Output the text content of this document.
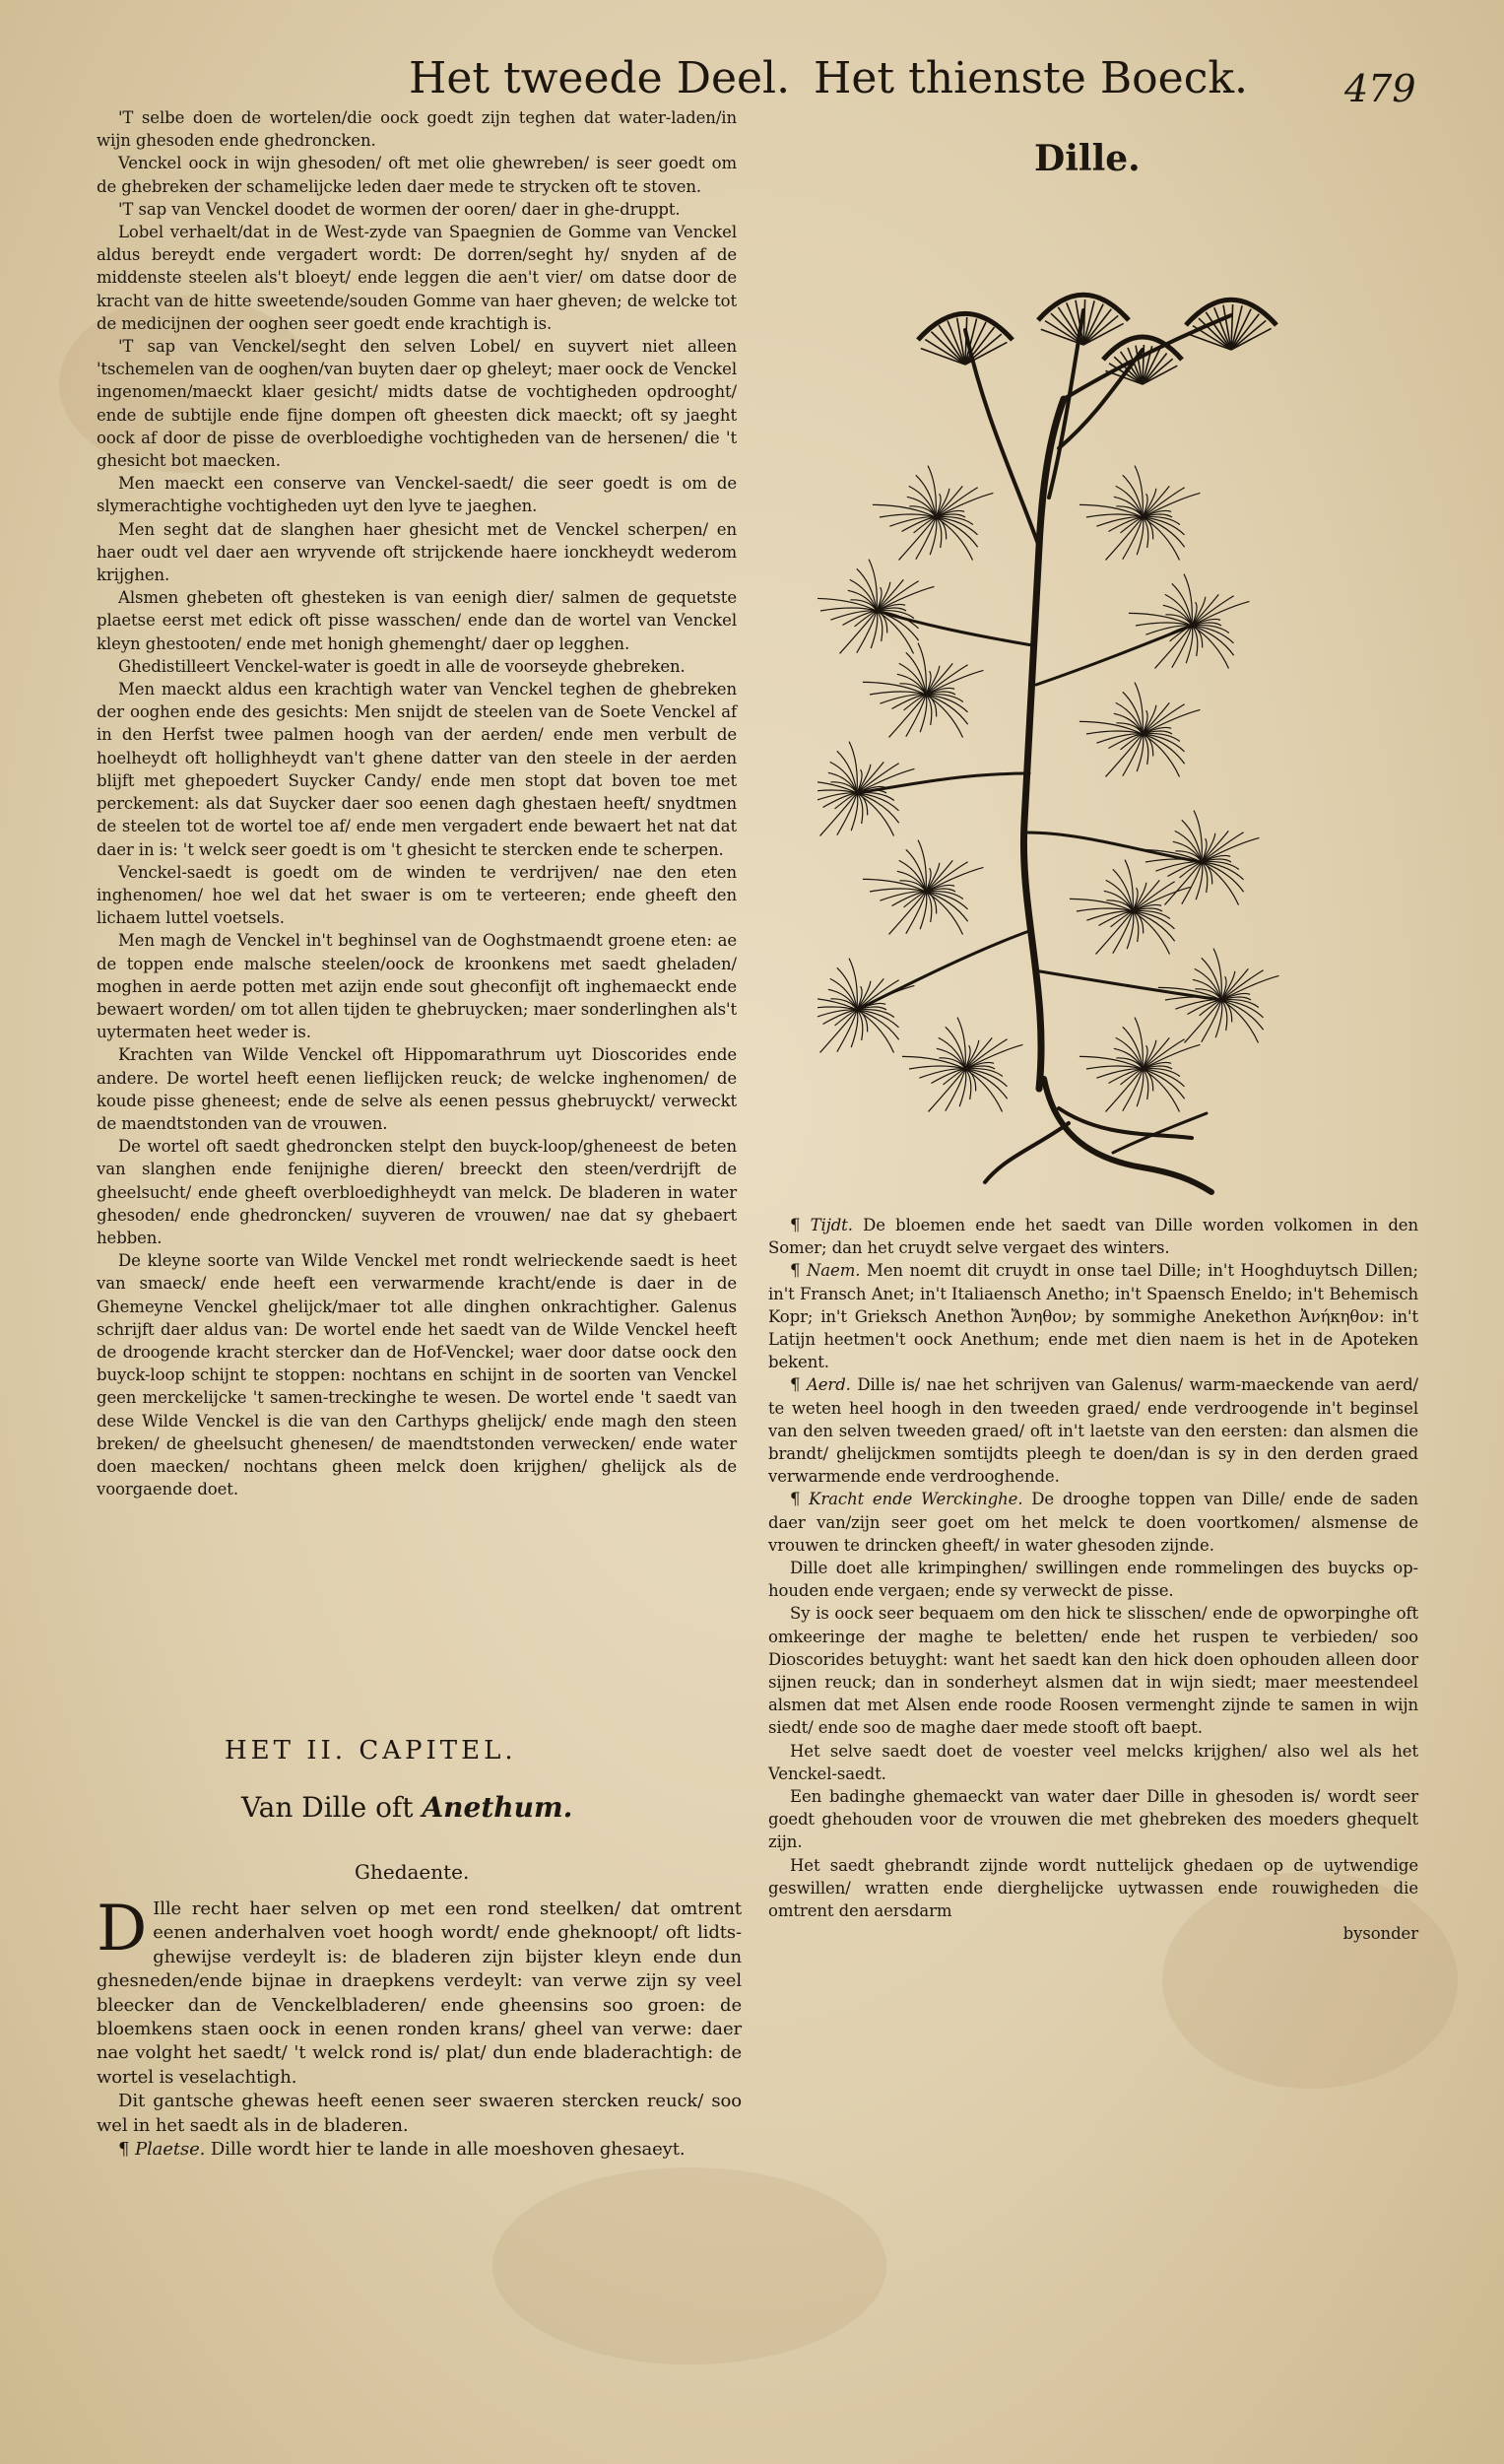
Het tweede Deel. Het thienste Boeck.	479

'T selbe doen de wortelen/die oock goedt zijn teghen dat water-laden/in wijn ghesoden ende ghedroncken.

Venckel oock in wijn ghesoden/ oft met olie ghewreben/ is seer goedt om de ghebreken der schamelijcke leden daer mede te strycken oft te stoven.

'T sap van Venckel doodet de wormen der ooren/ daer in ghe-druppt.

Lobel verhaelt/dat in de West-zyde van Spaegnien de Gomme van Venckel aldus bereydt ende vergadert wordt: De dorren/seght hy/ snyden af de middenste steelen als't bloeyt/ ende leggen die aen't vier/ om datse door de kracht van de hitte sweetende/souden Gomme van haer gheven; de welcke tot de medicijnen der ooghen seer goedt ende krachtigh is.

'T sap van Venckel/seght den selven Lobel/ en suyvert niet alleen 'tschemelen van de ooghen/van buyten daer op gheleyt; maer oock de Venckel ingenomen/maeckt klaer gesicht/ midts datse de vochtigheden opdrooght/ ende de subtijle ende fijne dompen oft gheesten dick maeckt; oft sy jaeght oock af door de pisse de overbloedighe vochtigheden van de hersenen/ die 't ghesicht bot maecken.

Men maeckt een conserve van Venckel-saedt/ die seer goedt is om de slymerachtighe vochtigheden uyt den lyve te jaeghen.

Men seght dat de slanghen haer ghesicht met de Venckel scherpen/ en haer oudt vel daer aen wryvende oft strijckende haere ionckheydt wederom krijghen.

Alsmen ghebeten oft ghesteken is van eenigh dier/ salmen de gequetste plaetse eerst met edick oft pisse wasschen/ ende dan de wortel van Venckel kleyn ghestooten/ ende met honigh ghemenght/ daer op legghen.

Ghedistilleert Venckel-water is goedt in alle de voorseyde ghebreken.

Men maeckt aldus een krachtigh water van Venckel teghen de ghebreken der ooghen ende des gesichts: Men snijdt de steelen van de Soete Venckel af in den Herfst twee palmen hoogh van der aerden/ ende men verbult de hoelheydt oft hollighheydt van't ghene datter van den steele in der aerden blijft met ghepoedert Suycker Candy/ ende men stopt dat boven toe met perckement: als dat Suycker daer soo eenen dagh ghestaen heeft/ snydtmen de steelen tot de wortel toe af/ ende men vergadert ende bewaert het nat dat daer in is: 't welck seer goedt is om 't ghesicht te stercken ende te scherpen.

Venckel-saedt is goedt om de winden te verdrijven/ nae den eten inghenomen/ hoe wel dat het swaer is om te verteeren; ende gheeft den lichaem luttel voetsels.

Men magh de Venckel in't beghinsel van de Ooghstmaendt groene eten: ae de toppen ende malsche steelen/oock de kroonkens met saedt gheladen/ moghen in aerde potten met azijn ende sout gheconfijt oft inghemaeckt ende bewaert worden/ om tot allen tijden te ghebruycken; maer sonderlinghen als't uytermaten heet weder is.

Krachten van Wilde Venckel oft Hippomarathrum uyt Dioscorides ende andere. De wortel heeft eenen lieflijcken reuck; de welcke inghenomen/ de koude pisse gheneest; ende de selve als eenen pessus ghebruyckt/ verweckt de maendtstonden van de vrouwen.

De wortel oft saedt ghedroncken stelpt den buyck-loop/gheneest de beten van slanghen ende fenijnighe dieren/ breeckt den steen/verdrijft de gheelsucht/ ende gheeft overbloedighheydt van melck. De bladeren in water ghesoden/ ende ghedroncken/ suyveren de vrouwen/ nae dat sy ghebaert hebben.

De kleyne soorte van Wilde Venckel met rondt welrieckende saedt is heet van smaeck/ ende heeft een verwarmende kracht/ende is daer in de Ghemeyne Venckel ghelijck/maer tot alle dinghen onkrachtigher. Galenus schrijft daer aldus van: De wortel ende het saedt van de Wilde Venckel heeft de droogende kracht stercker dan de Hof-Venckel; waer door datse oock den buyck-loop schijnt te stoppen: nochtans en schijnt in de soorten van Venckel geen merckelijcke 't samen-treckinghe te wesen. De wortel ende 't saedt van dese Wilde Venckel is die van den Carthyps ghelijck/ ende magh den steen breken/ de gheelsucht ghenesen/ de maendtstonden verwecken/ ende water doen maecken/ nochtans gheen melck doen krijghen/ ghelijck als de voorgaende doet.

Dille.

¶ Tijdt. De bloemen ende het saedt van Dille worden volkomen in den Somer; dan het cruydt selve vergaet des winters.

¶ Naem. Men noemt dit cruydt in onse tael Dille; in't Hooghduytsch Dillen; in't Fransch Anet; in't Italiaensch Anetho; in't Spaensch Eneldo; in't Behemisch Kopr; in't Grieksch Anethon Ἄνηθον; by sommighe Anekethon Ἀνήκηθον: in't Latijn heetmen't oock Anethum; ende met dien naem is het in de Apoteken bekent.

¶ Aerd. Dille is/ nae het schrijven van Galenus/ warm-maeckende van aerd/ te weten heel hoogh in den tweeden graed/ ende verdroogende in't beginsel van den selven tweeden graed/ oft in't laetste van den eersten: dan alsmen die brandt/ ghelijckmen somtijdts pleegh te doen/dan is sy in den derden graed verwarmende ende verdrooghende.

¶ Kracht ende Werckinghe. De drooghe toppen van Dille/ ende de saden daer van/zijn seer goet om het melck te doen voortkomen/ alsmense de vrouwen te drincken gheeft/ in water ghesoden zijnde.

Dille doet alle krimpinghen/ swillingen ende rommelingen des buycks op-houden ende vergaen; ende sy verweckt de pisse.

Sy is oock seer bequaem om den hick te slisschen/ ende de opworpinghe oft omkeeringe der maghe te beletten/ ende het ruspen te verbieden/ soo Dioscorides betuyght: want het saedt kan den hick doen ophouden alleen door sijnen reuck; dan in sonderheyt alsmen dat in wijn siedt; maer meestendeel alsmen dat met Alsen ende roode Roosen vermenght zijnde te samen in wijn siedt/ ende soo de maghe daer mede stooft oft baept.

Het selve saedt doet de voester veel melcks krijghen/ also wel als het Venckel-saedt.

Een badinghe ghemaeckt van water daer Dille in ghesoden is/ wordt seer goedt ghehouden voor de vrouwen die met ghebreken des moeders ghequelt zijn.

Het saedt ghebrandt zijnde wordt nuttelijck ghedaen op de uytwendige geswillen/ wratten ende dierghelijcke uytwassen ende rouwigheden die omtrent den aersdarm

bysonder

HET II. CAPITEL.
Van Dille oft Anethum.
Ghedaente.

D Ille recht haer selven op met een rond steelken/ dat omtrent eenen anderhalven voet hoogh wordt/ ende gheknoopt/ oft lidts-ghewijse verdeylt is: de bladeren zijn bijster kleyn ende dun ghesneden/ende bijnae in draepkens verdeylt: van verwe zijn sy veel bleecker dan de Venckelbladeren/ ende gheensins soo groen: de bloemkens staen oock in eenen ronden krans/ gheel van verwe: daer nae volght het saedt/ 't welck rond is/ plat/ dun ende bladerachtigh: de wortel is veselachtigh.

Dit gantsche ghewas heeft eenen seer swaeren stercken reuck/ soo wel in het saedt als in de bladeren.

¶ Plaetse. Dille wordt hier te lande in alle moeshoven ghesaeyt.
